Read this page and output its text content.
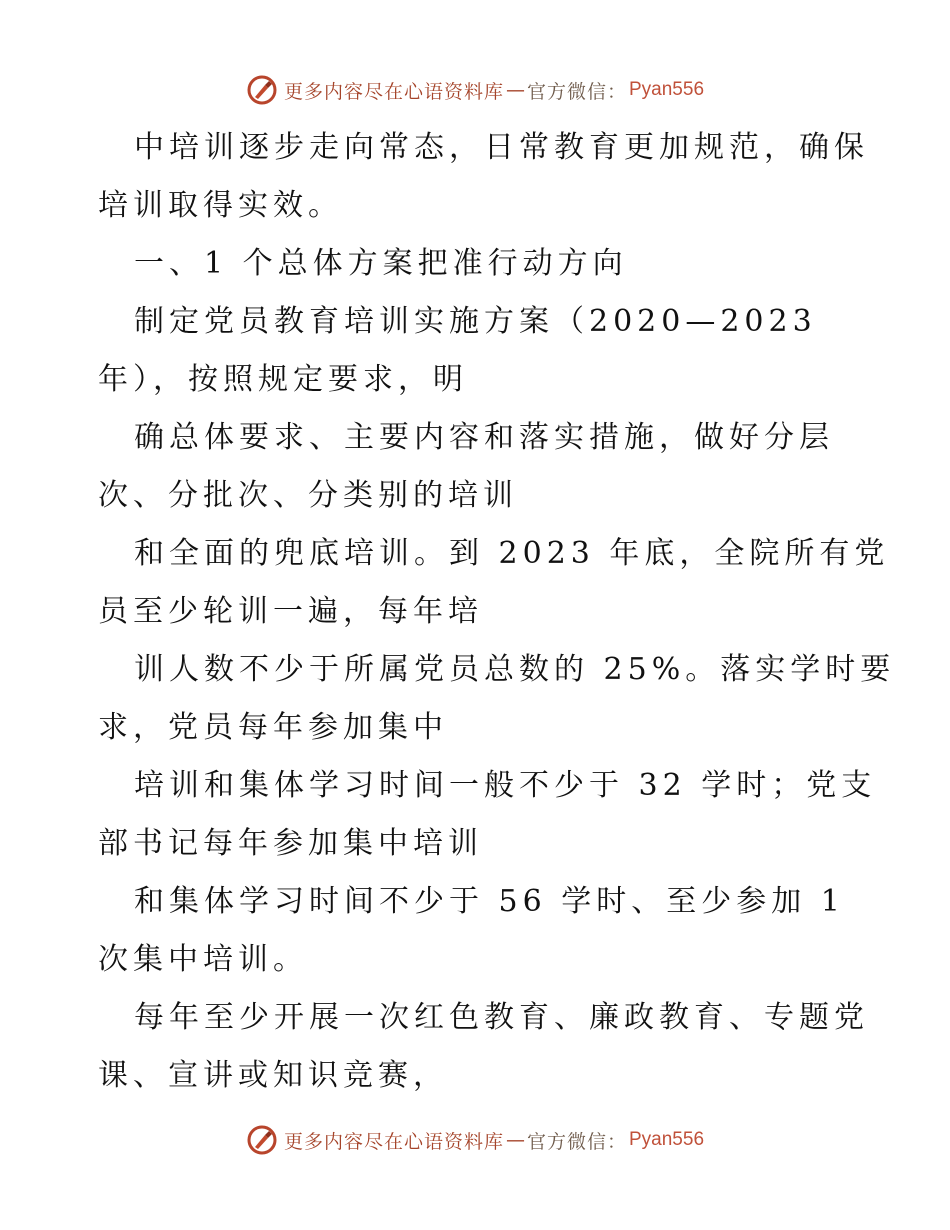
更多内容尽在心语资料库 — 官方微信： Pyan556
中培训逐步走向常态，日常教育更加规范，确保
培训取得实效。
一、1 个总体方案把准行动方向
制定党员教育培训实施方案（2020—2023
年），按照规定要求，明
确总体要求、主要内容和落实措施，做好分层
次、分批次、分类别的培训
和全面的兜底培训。到 2023 年底，全院所有党
员至少轮训一遍，每年培
训人数不少于所属党员总数的 25%。落实学时要
求，党员每年参加集中
培训和集体学习时间一般不少于 32 学时；党支
部书记每年参加集中培训
和集体学习时间不少于 56 学时、至少参加 1
次集中培训。
每年至少开展一次红色教育、廉政教育、专题党
课、宣讲或知识竞赛，
更多内容尽在心语资料库 — 官方微信： Pyan556
